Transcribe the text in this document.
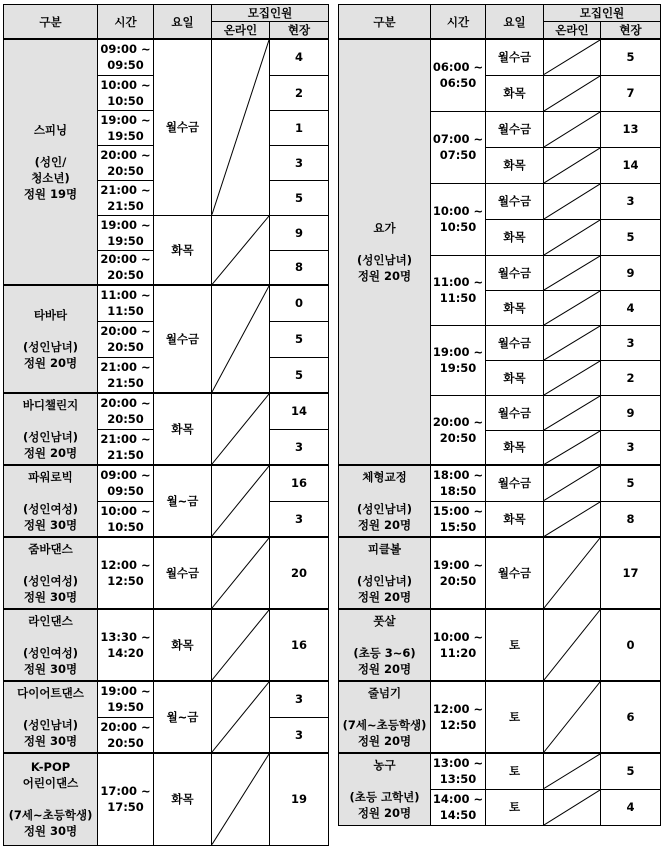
구분	시간	요일	모집인원	
			온라인	현장
스피닝

(성인/
청소년)
정원 19명	09:00 ~
09:50	월수금		4
	10:00 ~
10:50			2
	19:00 ~
19:50			1
	20:00 ~
20:50			3
	21:00 ~
21:50			5
	19:00 ~
19:50	화목		9
	20:00 ~
20:50			8
타바타

(성인남녀)
정원 20명	11:00 ~
11:50	월수금		0
	20:00 ~
20:50			5
	21:00 ~
21:50			5
바디챌린지

(성인남녀)
정원 20명	20:00 ~
20:50	화목		14
	21:00 ~
21:50			3
파워로빅

(성인여성)
정원 30명	09:00 ~
09:50	월~금		16
	10:00 ~
10:50			3
줌바댄스

(성인여성)
정원 30명	12:00 ~
12:50	월수금		20
라인댄스

(성인여성)
정원 30명	13:30 ~
14:20	화목		16
다이어트댄스

(성인남녀)
정원 30명	19:00 ~
19:50	월~금		3
	20:00 ~
20:50			3
K-POP
어린이댄스

(7세~초등학생)
정원 30명	17:00 ~
17:50	화목		19
구분	시간	요일	모집인원	
			온라인	현장
요가

(성인남녀)
정원 20명	06:00 ~
06:50	월수금		5
		화목		7
	07:00 ~
07:50	월수금		13
		화목		14
	10:00 ~
10:50	월수금		3
		화목		5
	11:00 ~
11:50	월수금		9
		화목		4
	19:00 ~
19:50	월수금		3
		화목		2
	20:00 ~
20:50	월수금		9
		화목		3
체형교정

(성인남녀)
정원 20명	18:00 ~
18:50	월수금		5
	15:00 ~
15:50	화목		8
피클볼

(성인남녀)
정원 20명	19:00 ~
20:50	월수금		17
풋살

(초등 3~6)
정원 20명	10:00 ~
11:20	토		0
줄넘기

(7세~초등학생)
정원 20명	12:00 ~
12:50	토		6
농구

(초등 고학년)
정원 20명	13:00 ~
13:50	토		5
	14:00 ~
14:50	토		4
